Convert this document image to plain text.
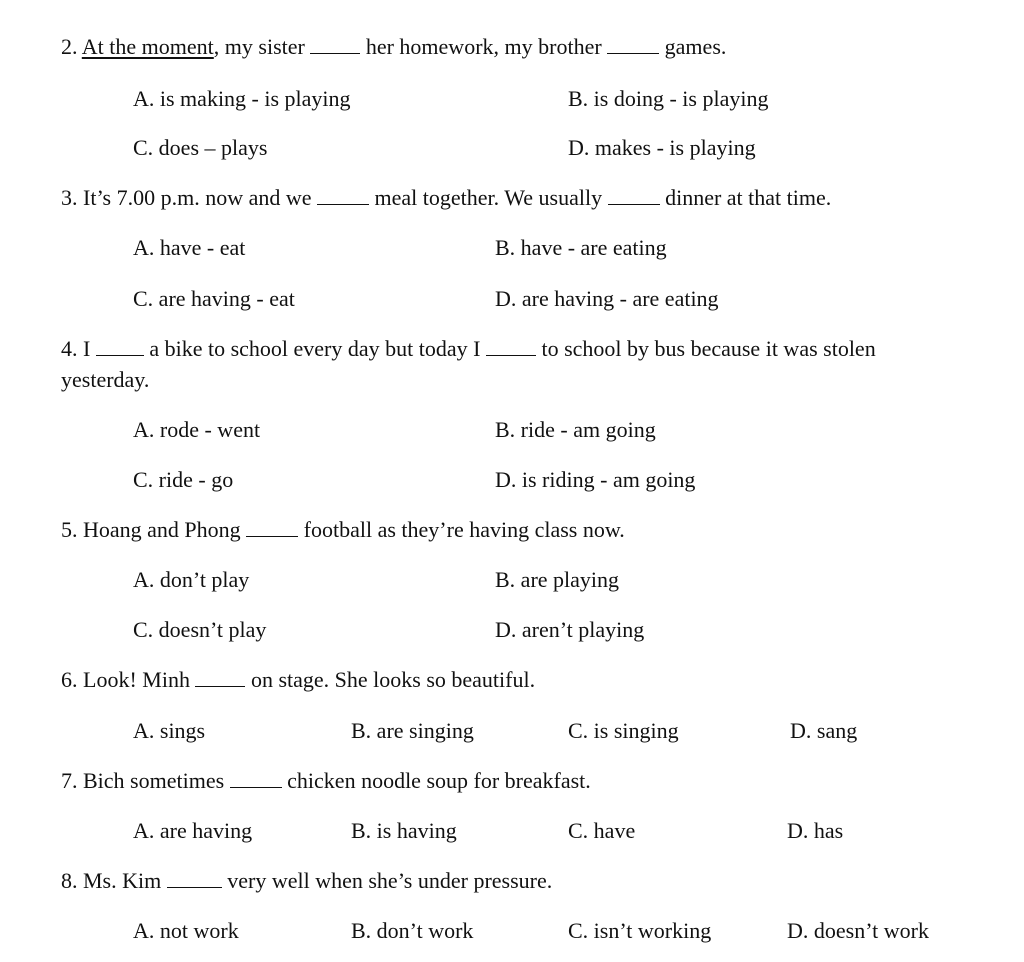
2. At the moment, my sister  her homework, my brother  games.
A. is making - is playing	B. is doing - is playing
C. does – plays	D. makes - is playing
3. It’s 7.00 p.m. now and we  meal together. We usually  dinner at that time.
A. have - eat	B. have - are eating
C. are having - eat	D. are having - are eating
4. I  a bike to school every day but today I  to school by bus because it was stolen
yesterday.
A. rode - went	B. ride - am going
C. ride - go	D. is riding - am going
5. Hoang and Phong  football as they’re having class now.
A. don’t play	B. are playing
C. doesn’t play	D. aren’t playing
6. Look! Minh  on stage. She looks so beautiful.
A. sings	B. are singing	C. is singing	D. sang
7. Bich sometimes  chicken noodle soup for breakfast.
A. are having	B. is having	C. have	D. has
8. Ms. Kim	very well when she’s under pressure.
A. not work	B. don’t work	C. isn’t working	D. doesn’t work
